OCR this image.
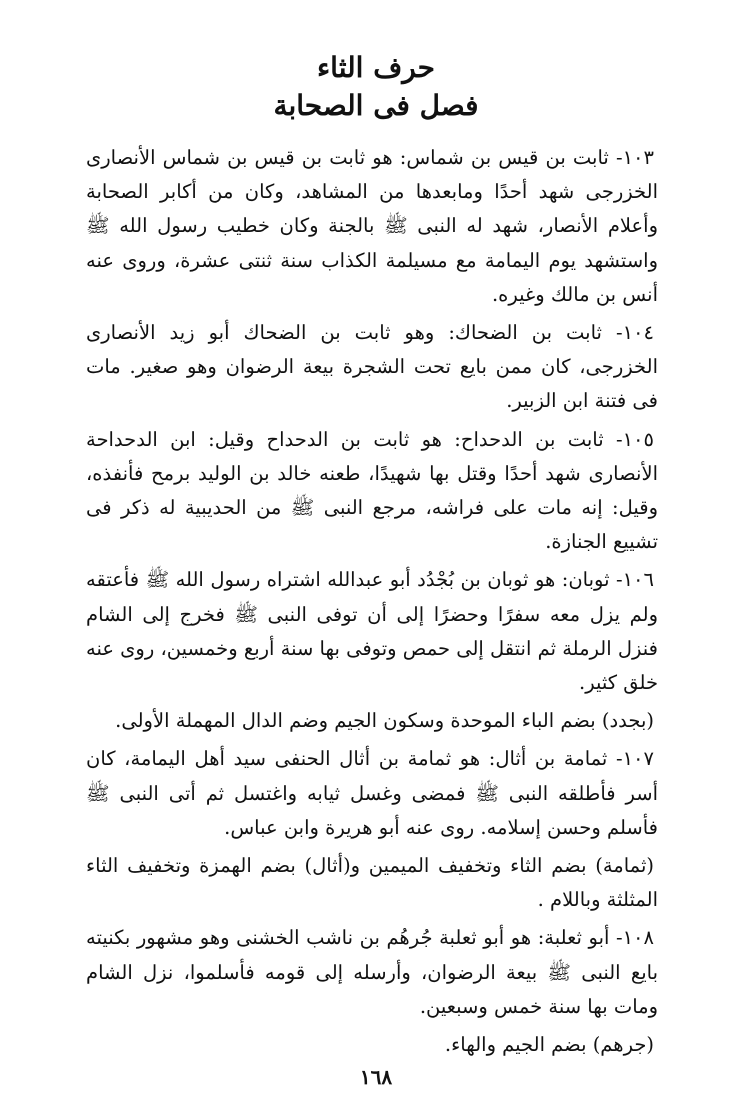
حرف الثاء
فصل فى الصحابة

١٠٣- ثابت بن قيس بن شماس: هو ثابت بن قيس بن شماس الأنصارى الخزرجى شهد أحدًا ومابعدها من المشاهد، وكان من أكابر الصحابة وأعلام الأنصار، شهد له النبى ﷺ بالجنة وكان خطيب رسول الله ﷺ واستشهد يوم اليمامة مع مسيلمة الكذاب سنة ثنتى عشرة، وروى عنه أنس بن مالك وغيره.

١٠٤- ثابت بن الضحاك: وهو ثابت بن الضحاك أبو زيد الأنصارى الخزرجى، كان ممن بايع تحت الشجرة بيعة الرضوان وهو صغير. مات فى فتنة ابن الزبير.

١٠٥- ثابت بن الدحداح: هو ثابت بن الدحداح وقيل: ابن الدحداحة الأنصارى شهد أحدًا وقتل بها شهيدًا، طعنه خالد بن الوليد برمح فأنفذه، وقيل: إنه مات على فراشه، مرجع النبى ﷺ من الحديبية له ذكر فى تشييع الجنازة.

١٠٦- ثوبان: هو ثوبان بن بُجْدُد أبو عبدالله اشتراه رسول الله ﷺ فأعتقه ولم يزل معه سفرًا وحضرًا إلى أن توفى النبى ﷺ فخرج إلى الشام فنزل الرملة ثم انتقل إلى حمص وتوفى بها سنة أربع وخمسين، روى عنه خلق كثير.

(بجدد) بضم الباء الموحدة وسكون الجيم وضم الدال المهملة الأولى.

١٠٧- ثمامة بن أثال: هو ثمامة بن أثال الحنفى سيد أهل اليمامة، كان أسر فأطلقه النبى ﷺ فمضى وغسل ثيابه واغتسل ثم أتى النبى ﷺ فأسلم وحسن إسلامه. روى عنه أبو هريرة وابن عباس.

(ثمامة) بضم الثاء وتخفيف الميمين و(أثال) بضم الهمزة وتخفيف الثاء المثلثة وباللام .

١٠٨- أبو ثعلبة: هو أبو ثعلبة جُرهُم بن ناشب الخشنى وهو مشهور بكنيته بايع النبى ﷺ بيعة الرضوان، وأرسله إلى قومه فأسلموا، نزل الشام ومات بها سنة خمس وسبعين.

(جرهم) بضم الجيم والهاء.

١٦٨
